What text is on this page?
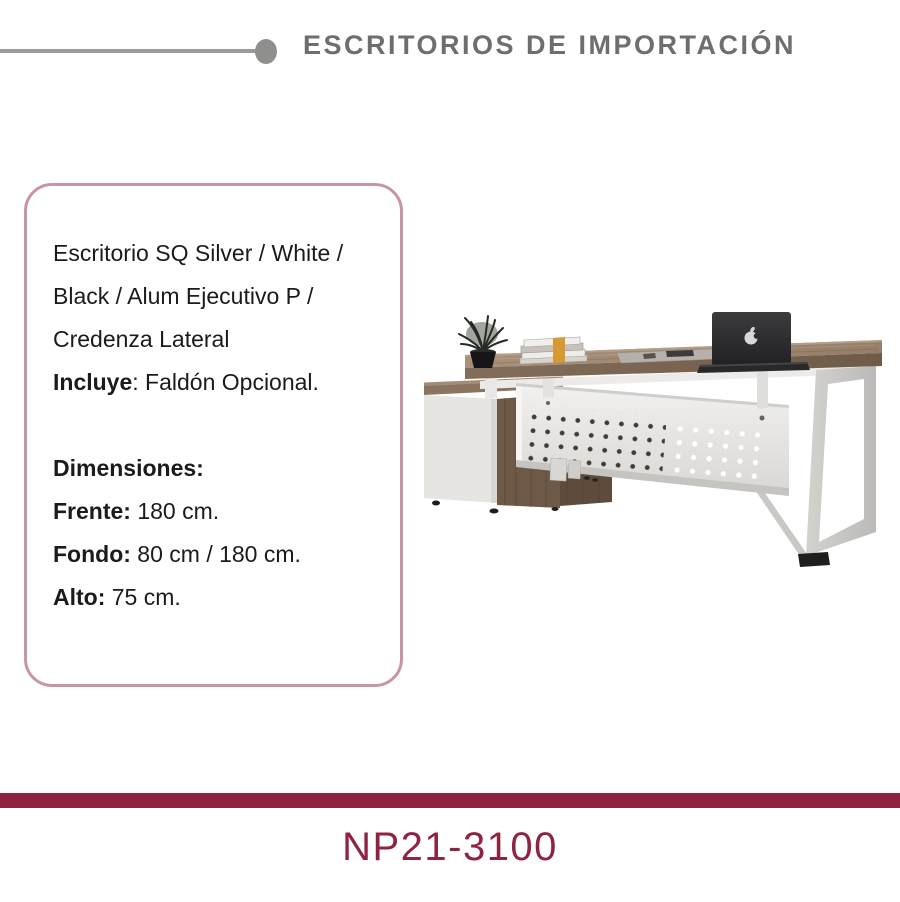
ESCRITORIOS DE IMPORTACIÓN
Escritorio SQ Silver / White /
Black / Alum Ejecutivo P /
Credenza Lateral
Incluye: Faldón Opcional.
Dimensiones:
Frente: 180 cm.
Fondo: 80 cm / 180 cm.
Alto: 75 cm.
NP21-3100
